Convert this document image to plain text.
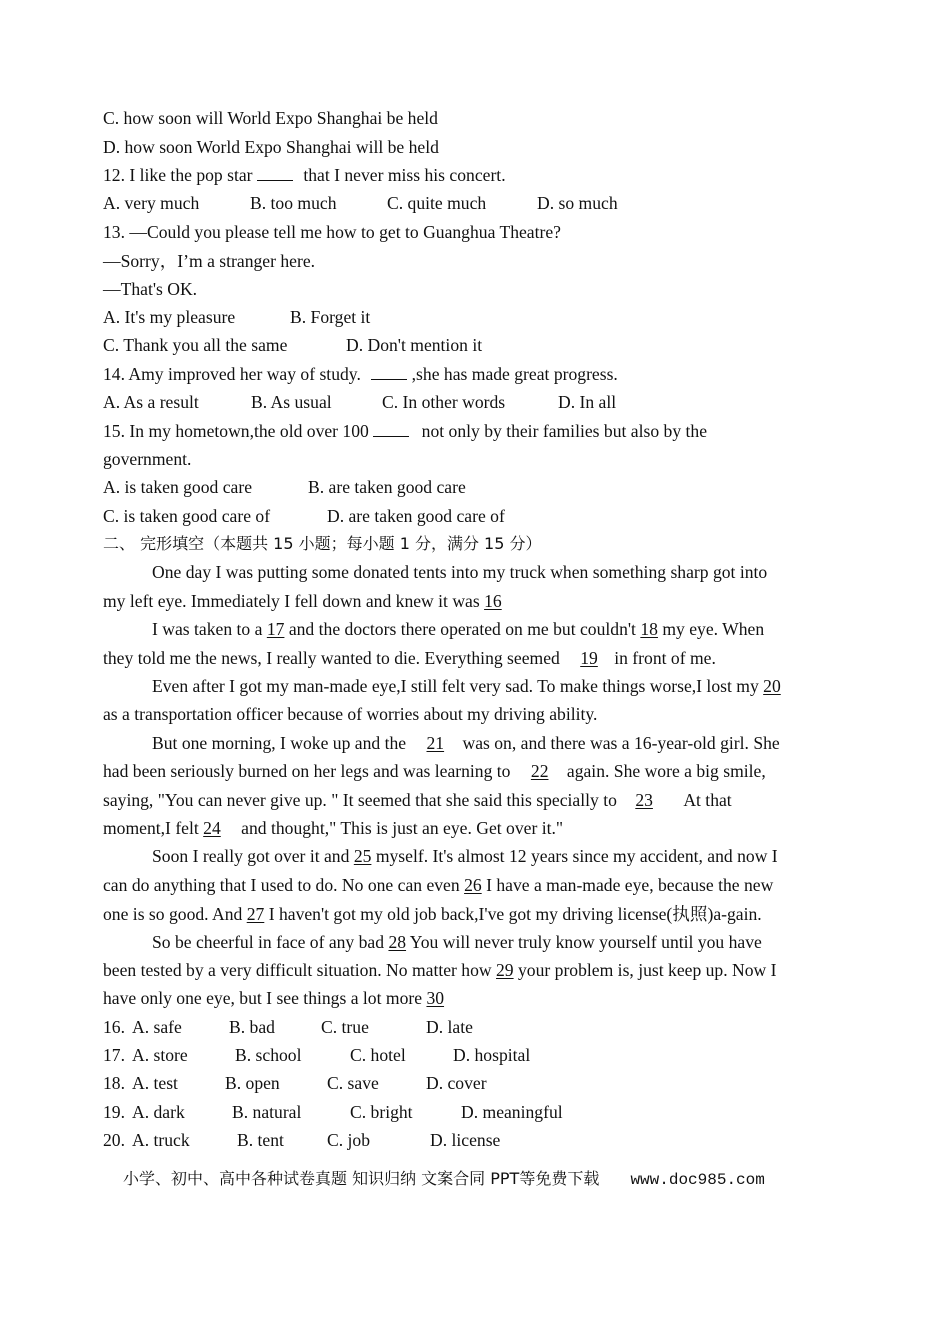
C. how soon will World Expo Shanghai be held
D. how soon World Expo Shanghai will be held
12. I like the pop star	that I never miss his concert.
A. very much	B. too much	C. quite much	D. so much
13. ―Could you please tell me how to get to Guanghua Theatre?
―Sorry，I’m a stranger here.
—That's OK.
A. It's my pleasure	B. Forget it
C. Thank you all the same	D. Don't mention it
14. Amy improved her way of study.	,she has made great progress.
A. As a result	B. As usual	C. In other words	D. In all
15. In my hometown,the old over 100	not only by their families but also by the
government.
A. is taken good care	B. are taken good care
C. is taken good care of	D. are taken good care of
二、 完形填空（本题共 15 小题；每小题 1 分，满分 15 分）
One day I was putting some donated tents into my truck when something sharp got into
my left eye. Immediately I fell down and knew it was 16
I was taken to a 17 and the doctors there operated on me but couldn't 18 my eye. When
they told me the news, I really wanted to die. Everything seemed 19 in front of me.
Even after I got my man-made eye,I still felt very sad. To make things worse,I lost my 20
as a transportation officer because of worries about my driving ability.
But one morning, I woke up and the 21 was on, and there was a 16-year-old girl. She
had been seriously burned on her legs and was learning to 22 again. She wore a big smile,
saying, "You can never give up. " It seemed that she said this specially to 23 At that
moment,I felt 24 and thought," This is just an eye. Get over it."
Soon I really got over it and 25 myself. It's almost 12 years since my accident, and now I
can do anything that I used to do. No one can even 26 I have a man-made eye, because the new
one is so good. And 27 I haven't got my old job back,I've got my driving license(执照)a-gain.
So be cheerful in face of any bad 28 You will never truly know yourself until you have
been tested by a very difficult situation. No matter how 29 your problem is, just keep up. Now I
have only one eye, but I see things a lot more 30
16. A. safe	B. bad	C. true	D. late
17. A. store	B. school	C. hotel	D. hospital
18. A. test	B. open	C. save	D. cover
19. A. dark	B. natural	C. bright	D. meaningful
20. A. truck	B. tent C. job	D. license
小学、初中、高中各种试卷真题 知识归纳 文案合同 PPT等免费下载 www.doc985.com
